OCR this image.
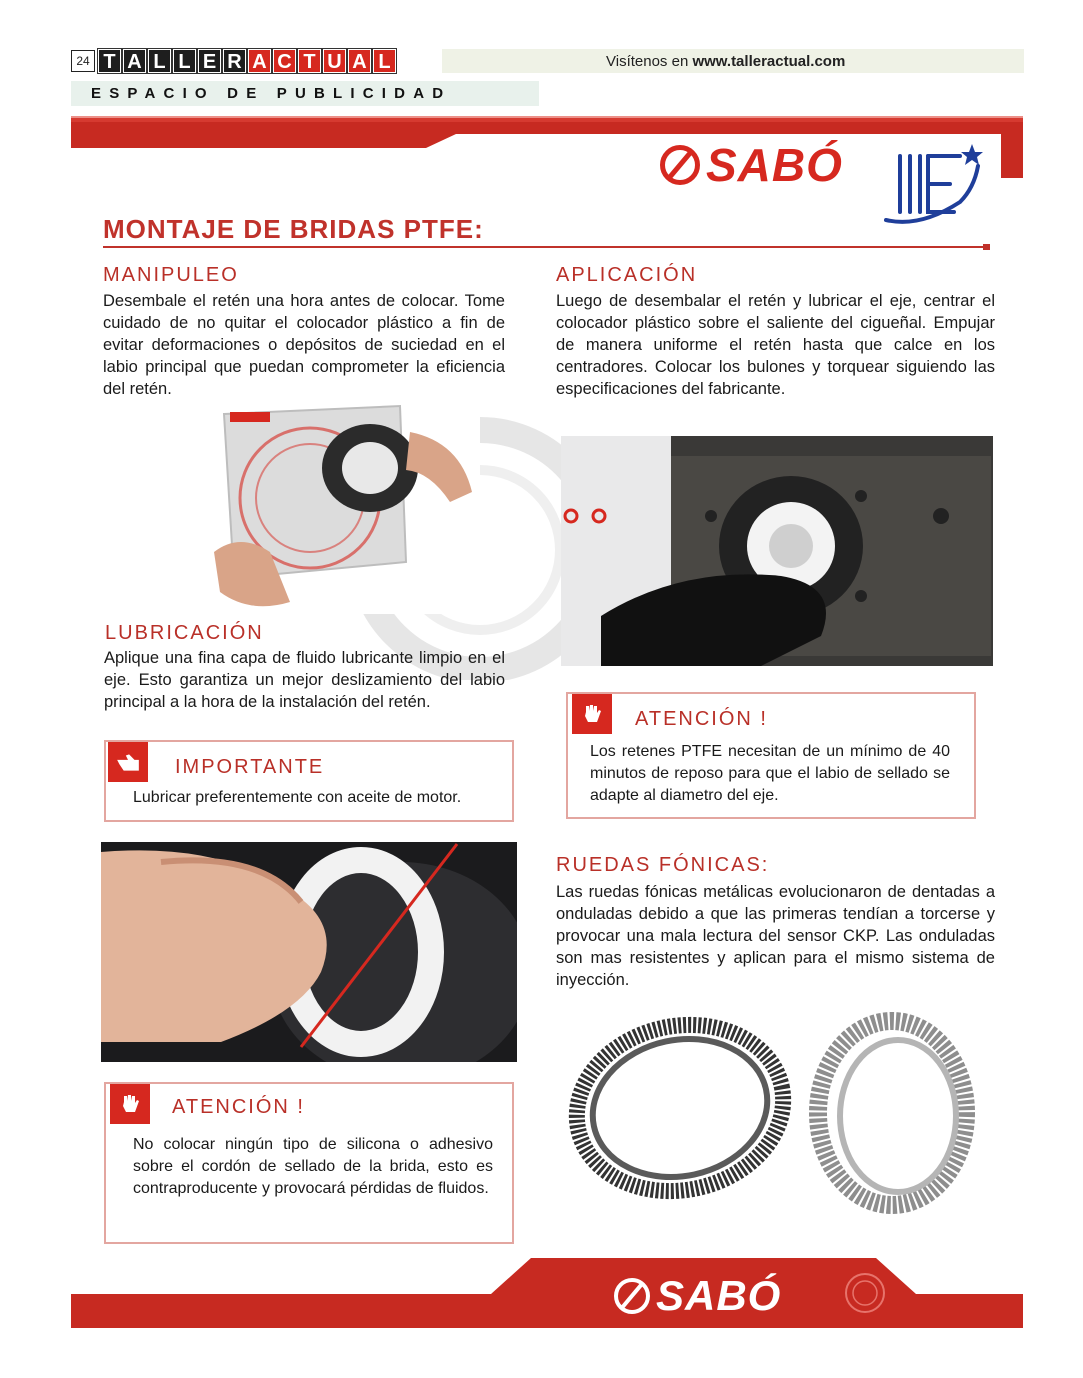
24 T A L L E R A C T U A L	Visítenos en www.talleractual.com
ESPACIO DE PUBLICIDAD
SABÓ
SABÓ
MONTAJE DE BRIDAS PTFE:
MANIPULEO
Desembale el retén una hora antes de colocar. Tome cuidado de no quitar el colocador plástico a fin de evitar deformaciones o depósitos de suciedad en el labio principal que puedan comprometer la eficiencia del retén.
LUBRICACIÓN
Aplique una fina capa de fluido lubricante limpio en el eje. Esto garantiza un mejor deslizamiento del labio principal a la hora de la instalación del retén.
IMPORTANTE
Lubricar preferentemente con aceite de motor.
ATENCIÓN !
No colocar ningún tipo de silicona o adhesivo sobre el cordón de sellado de la brida, esto es contraproducente y provocará pérdidas de fluidos.
APLICACIÓN
Luego de desembalar el retén y lubricar el eje, centrar el colocador plástico sobre el saliente del cigueñal. Empujar de manera uniforme el retén hasta que calce en los centradores. Colocar los bulones y torquear siguiendo las especificaciones del fabricante.
ATENCIÓN !
Los retenes PTFE necesitan de un mínimo de 40 minutos de reposo para que el labio de sellado se adapte al diametro del eje.
RUEDAS FÓNICAS:
Las ruedas fónicas metálicas evolucionaron de dentadas a onduladas debido a que las primeras tendían a torcerse y provocar una mala lectura del sensor CKP. Las onduladas son mas resistentes y aplican para el mismo sistema de inyección.
